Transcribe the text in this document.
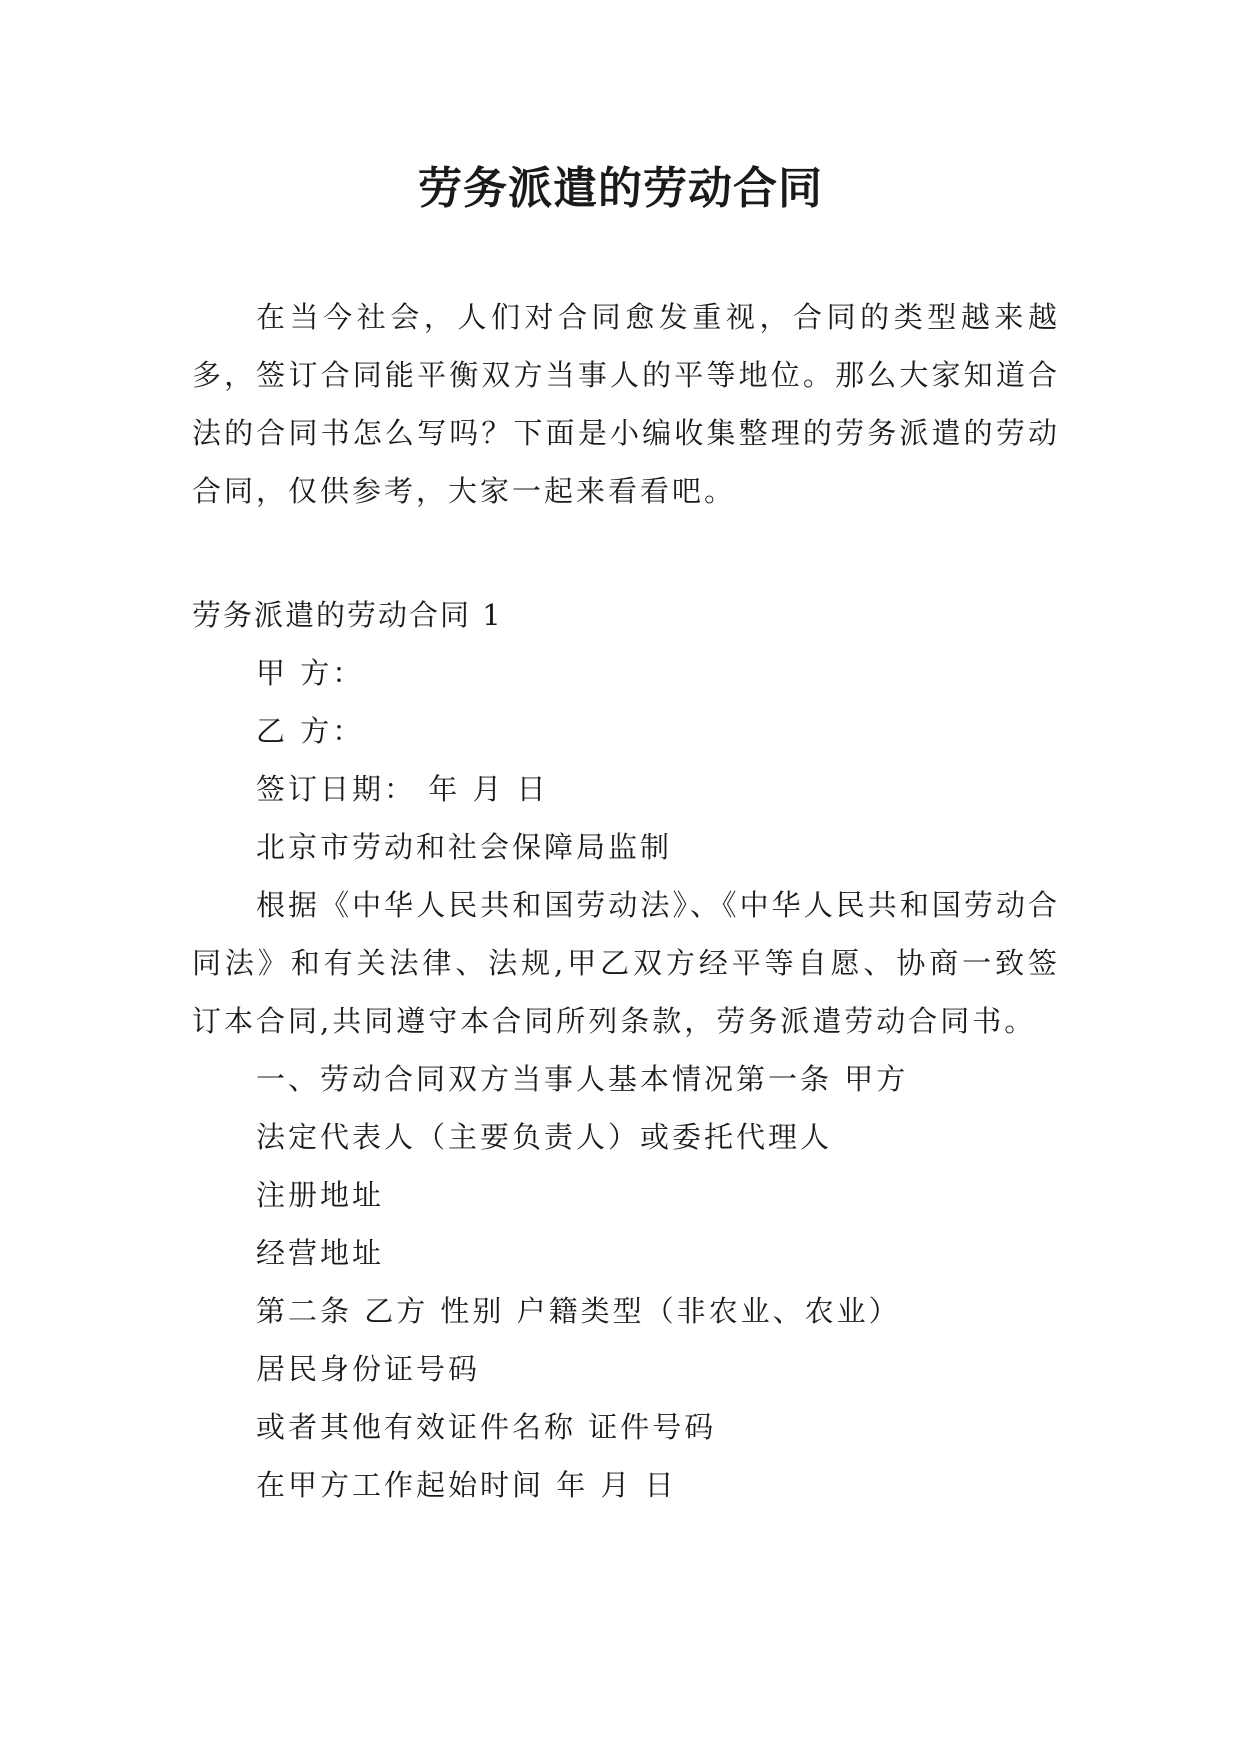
劳务派遣的劳动合同

在当今社会，人们对合同愈发重视，合同的类型越来越多，签订合同能平衡双方当事人的平等地位。那么大家知道合法的合同书怎么写吗？下面是小编收集整理的劳务派遣的劳动合同，仅供参考，大家一起来看看吧。

劳务派遣的劳动合同 1

甲 方：

乙 方：

签订日期： 年 月 日

北京市劳动和社会保障局监制

根据《中华人民共和国劳动法》、《中华人民共和国劳动合同法》和有关法律、法规,甲乙双方经平等自愿、协商一致签订本合同,共同遵守本合同所列条款，劳务派遣劳动合同书。

一、劳动合同双方当事人基本情况第一条 甲方

法定代表人（主要负责人）或委托代理人

注册地址

经营地址

第二条 乙方 性别 户籍类型（非农业、农业）

居民身份证号码

或者其他有效证件名称 证件号码

在甲方工作起始时间 年 月 日
